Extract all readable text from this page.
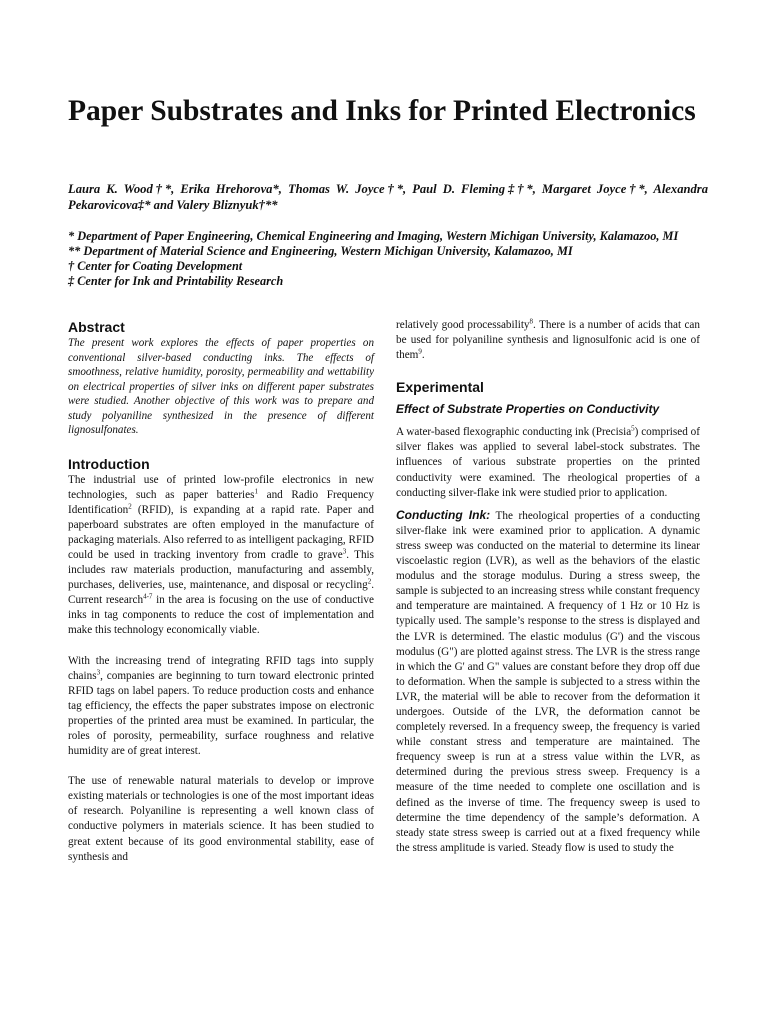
Paper Substrates and Inks for Printed Electronics
Laura K. Wood†*, Erika Hrehorova*, Thomas W. Joyce†*, Paul D. Fleming‡†*, Margaret Joyce†*, Alexandra Pekarovicova‡* and Valery Bliznyuk†**
* Department of Paper Engineering, Chemical Engineering and Imaging, Western Michigan University, Kalamazoo, MI
** Department of Material Science and Engineering, Western Michigan University, Kalamazoo, MI
† Center for Coating Development
‡ Center for Ink and Printability Research
Abstract

The present work explores the effects of paper properties on conventional silver-based conducting inks. The effects of smoothness, relative humidity, porosity, permeability and wettability on electrical properties of silver inks on different paper substrates were studied. Another objective of this work was to prepare and study polyaniline synthesized in the presence of different lignosulfonates.

Introduction

The industrial use of printed low-profile electronics in new technologies, such as paper batteries$^1$ and Radio Frequency Identification$^2$ (RFID), is expanding at a rapid rate. Paper and paperboard substrates are often employed in the manufacture of packaging materials. Also referred to as intelligent packaging, RFID could be used in tracking inventory from cradle to grave$^3$. This includes raw materials production, manufacturing and assembly, purchases, deliveries, use, maintenance, and disposal or recycling$^2$. Current research$^{4-7}$ in the area is focusing on the use of conductive inks in tag components to reduce the cost of implementation and make this technology economically viable.

With the increasing trend of integrating RFID tags into supply chains$^3$, companies are beginning to turn toward electronic printed RFID tags on label papers. To reduce production costs and enhance tag efficiency, the effects the paper substrates impose on electronic properties of the printed area must be examined. In particular, the roles of porosity, permeability, surface roughness and relative humidity are of great interest.

The use of renewable natural materials to develop or improve existing materials or technologies is one of the most important ideas of research. Polyaniline is representing a well known class of conductive polymers in materials science. It has been studied to great extent because of its good environmental stability, ease of synthesis and

relatively good processability$^8$. There is a number of acids that can be used for polyaniline synthesis and lignosulfonic acid is one of them$^9$.

Experimental
Effect of Substrate Properties on Conductivity

A water-based flexographic conducting ink (Precisia$^5$) comprised of silver flakes was applied to several label-stock substrates. The influences of various substrate properties on the printed conductivity were examined. The rheological properties of a conducting silver-flake ink were studied prior to application.

Conducting Ink: The rheological properties of a conducting silver-flake ink were examined prior to application. A dynamic stress sweep was conducted on the material to determine its linear viscoelastic region (LVR), as well as the behaviors of the elastic modulus and the storage modulus. During a stress sweep, the sample is subjected to an increasing stress while constant frequency and temperature are maintained. A frequency of 1 Hz or 10 Hz is typically used. The sample’s response to the stress is displayed and the LVR is determined. The elastic modulus (G') and the viscous modulus (G") are plotted against stress. The LVR is the stress range in which the G' and G" values are constant before they drop off due to deformation. When the sample is subjected to a stress within the LVR, the material will be able to recover from the deformation it undergoes. Outside of the LVR, the deformation cannot be completely reversed. In a frequency sweep, the frequency is varied while constant stress and temperature are maintained. The frequency sweep is run at a stress value within the LVR, as determined during the previous stress sweep. Frequency is a measure of the time needed to complete one oscillation and is defined as the inverse of time. The frequency sweep is used to determine the time dependency of the sample’s deformation. A steady state stress sweep is carried out at a fixed frequency while the stress amplitude is varied. Steady flow is used to study the
